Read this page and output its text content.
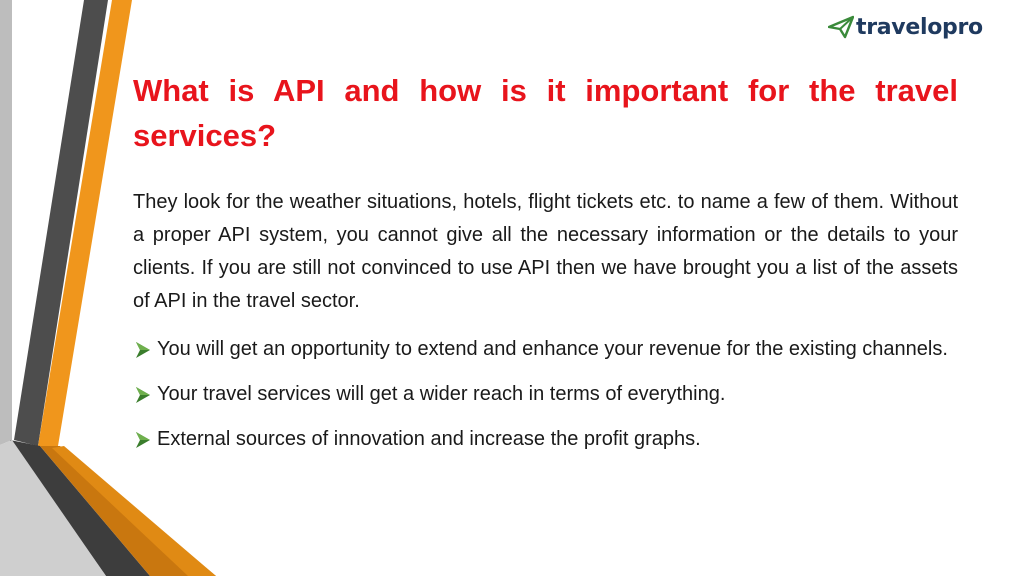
travelopro
What is API and how is it important for the travel services?

They look for the weather situations, hotels, flight tickets etc. to name a few of them. Without a proper API system, you cannot give all the necessary information or the details to your clients. If you are still not convinced to use API then we have brought you a list of the assets of API in the travel sector.

You will get an opportunity to extend and enhance your revenue for the existing channels.
Your travel services will get a wider reach in terms of everything.
External sources of innovation and increase the profit graphs.
